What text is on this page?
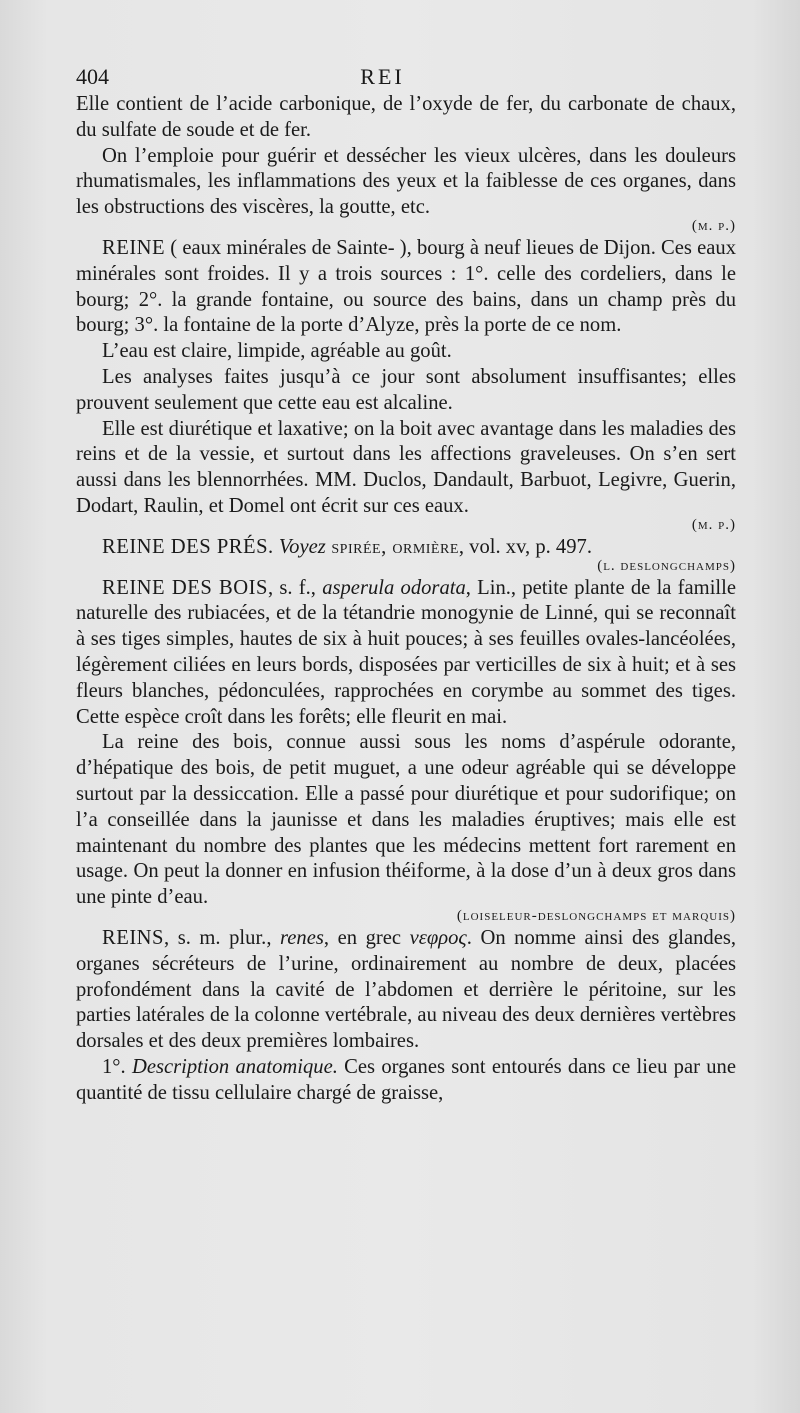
404	REI

Elle contient de l’acide carbonique, de l’oxyde de fer, du carbonate de chaux, du sulfate de soude et de fer.

On l’emploie pour guérir et dessécher les vieux ulcères, dans les douleurs rhumatismales, les inflammations des yeux et la faiblesse de ces organes, dans les obstructions des viscères, la goutte, etc.

(m. p.)

REINE ( eaux minérales de Sainte- ), bourg à neuf lieues de Dijon. Ces eaux minérales sont froides. Il y a trois sources : 1°. celle des cordeliers, dans le bourg; 2°. la grande fontaine, ou source des bains, dans un champ près du bourg; 3°. la fontaine de la porte d’Alyze, près la porte de ce nom.

L’eau est claire, limpide, agréable au goût.

Les analyses faites jusqu’à ce jour sont absolument insuffisantes; elles prouvent seulement que cette eau est alcaline.

Elle est diurétique et laxative; on la boit avec avantage dans les maladies des reins et de la vessie, et surtout dans les affections graveleuses. On s’en sert aussi dans les blennorrhées. MM. Duclos, Dandault, Barbuot, Legivre, Guerin, Dodart, Raulin, et Domel ont écrit sur ces eaux.

(m. p.)

REINE DES PRÉS. Voyez spirée, ormière, vol. xv, p. 497.

(l. deslongchamps)

REINE DES BOIS, s. f., asperula odorata, Lin., petite plante de la famille naturelle des rubiacées, et de la tétandrie monogynie de Linné, qui se reconnaît à ses tiges simples, hautes de six à huit pouces; à ses feuilles ovales-lancéolées, légèrement ciliées en leurs bords, disposées par verticilles de six à huit; et à ses fleurs blanches, pédonculées, rapprochées en corymbe au sommet des tiges. Cette espèce croît dans les forêts; elle fleurit en mai.

La reine des bois, connue aussi sous les noms d’aspérule odorante, d’hépatique des bois, de petit muguet, a une odeur agréable qui se développe surtout par la dessiccation. Elle a passé pour diurétique et pour sudorifique; on l’a conseillée dans la jaunisse et dans les maladies éruptives; mais elle est maintenant du nombre des plantes que les médecins mettent fort rarement en usage. On peut la donner en infusion théiforme, à la dose d’un à deux gros dans une pinte d’eau.

(loiseleur-deslongchamps et marquis)

REINS, s. m. plur., renes, en grec νεφρος. On nomme ainsi des glandes, organes sécréteurs de l’urine, ordinairement au nombre de deux, placées profondément dans la cavité de l’abdomen et derrière le péritoine, sur les parties latérales de la colonne vertébrale, au niveau des deux dernières vertèbres dorsales et des deux premières lombaires.

1°. Description anatomique. Ces organes sont entourés dans ce lieu par une quantité de tissu cellulaire chargé de graisse,
